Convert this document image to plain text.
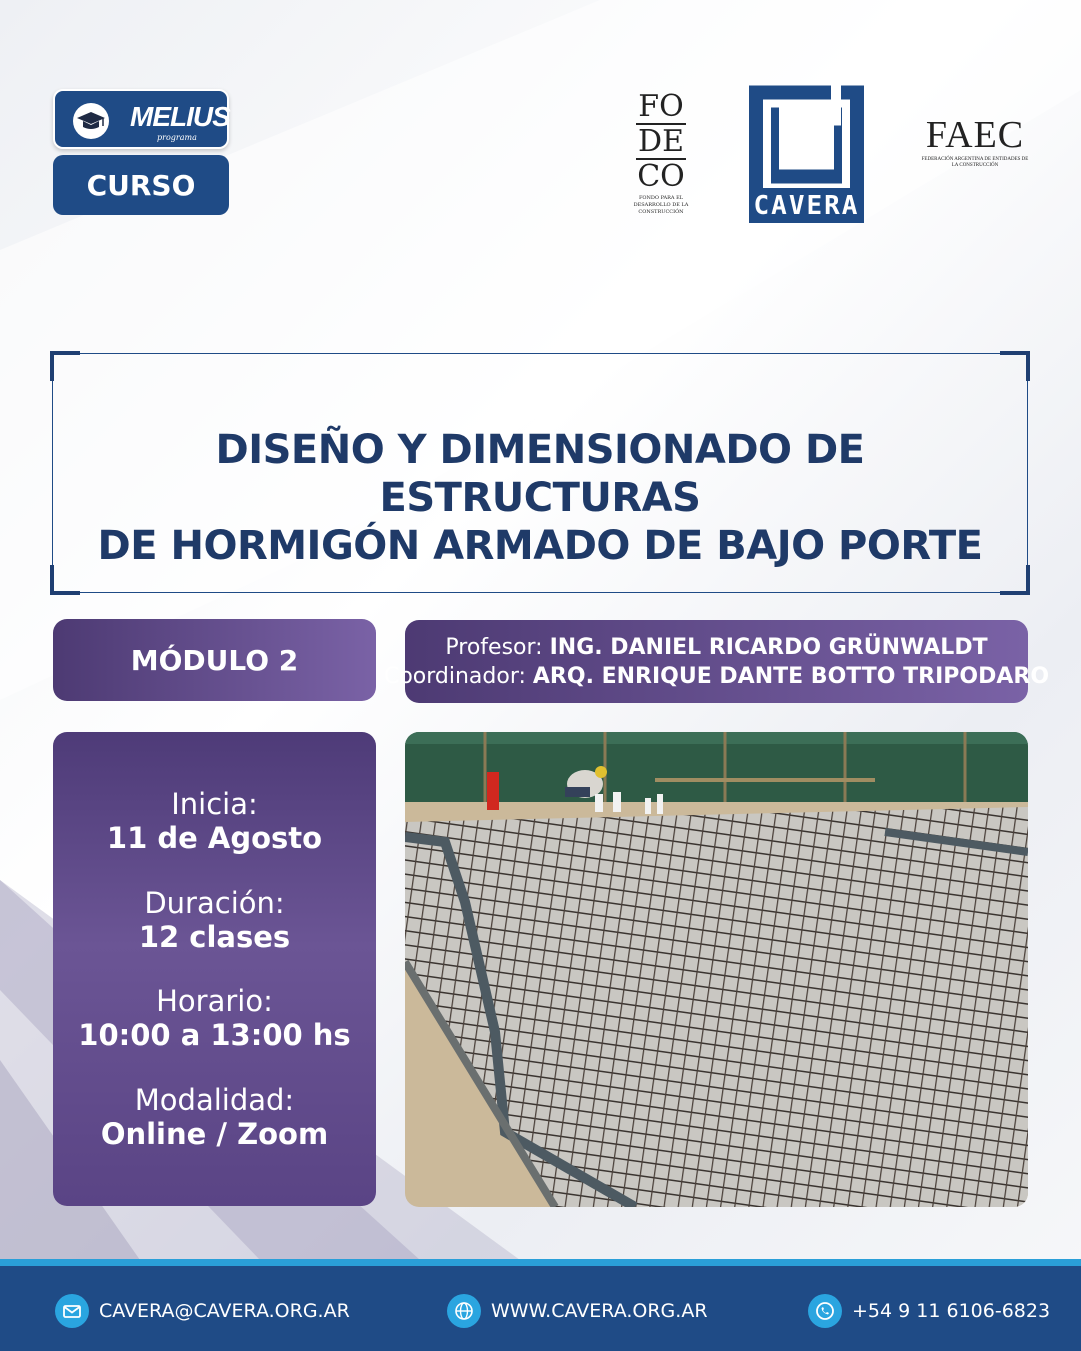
MELIUS
programa
CURSO
FO
DE
CO
FONDO PARA EL DESARROLLO DE LA CONSTRUCCIÓN	CAVERA
FAEC
FEDERACIÓN ARGENTINA DE ENTIDADES DE LA CONSTRUCCIÓN
DISEÑO Y DIMENSIONADO DE ESTRUCTURAS
DE HORMIGÓN ARMADO DE BAJO PORTE
MÓDULO 2	Profesor: ING. DANIEL RICARDO GRÜNWALDT
Coordinador: ARQ. ENRIQUE DANTE BOTTO TRIPODARO
Inicia:
11 de Agosto
Duración:
12 clases
Horario:
10:00 a 13:00 hs
Modalidad:
Online / Zoom
CAVERA@CAVERA.ORG.AR	WWW.CAVERA.ORG.AR	+54 9 11 6106-6823
